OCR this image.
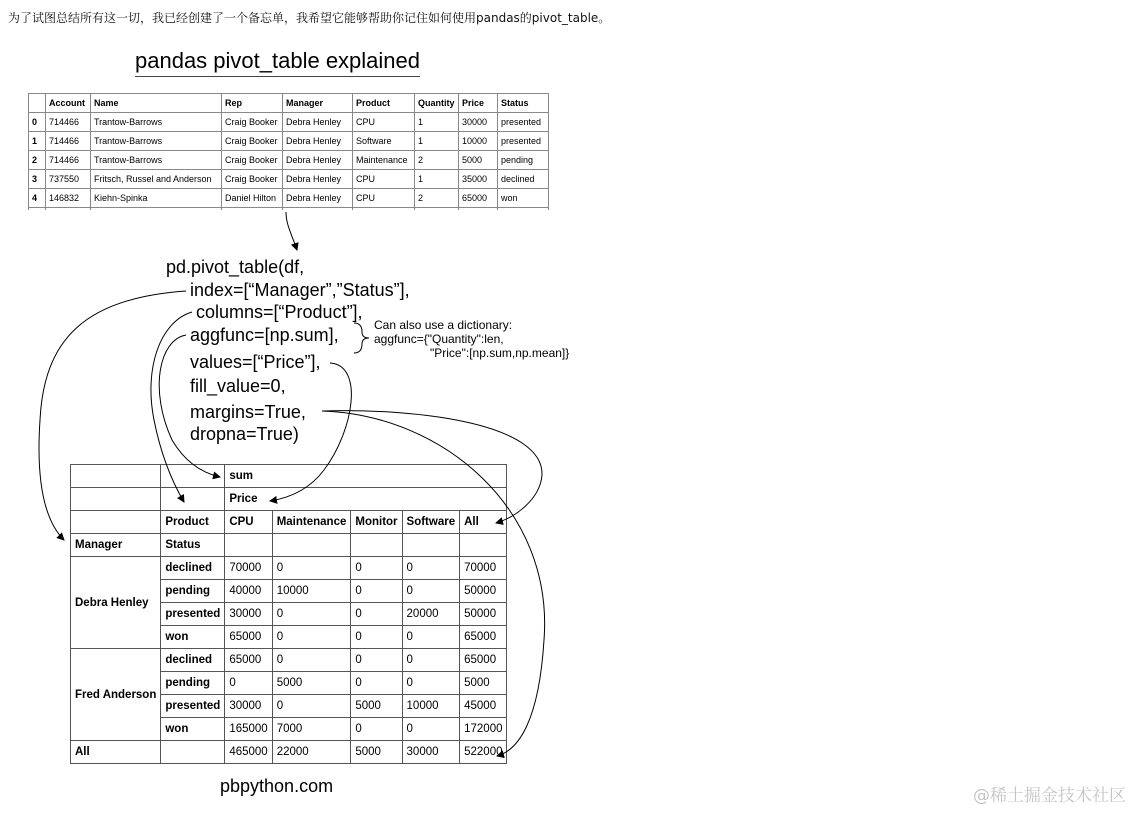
为了试图总结所有这一切，我已经创建了一个备忘单，我希望它能够帮助你记住如何使用pandas的pivot_table。
pandas pivot_table explained
	Account	Name	Rep	Manager	Product	Quantity	Price	Status
0	714466	Trantow-Barrows	Craig Booker	Debra Henley	CPU	1	30000	presented
1	714466	Trantow-Barrows	Craig Booker	Debra Henley	Software	1	10000	presented
2	714466	Trantow-Barrows	Craig Booker	Debra Henley	Maintenance	2	5000	pending
3	737550	Fritsch, Russel and Anderson	Craig Booker	Debra Henley	CPU	1	35000	declined
4	146832	Kiehn-Spinka	Daniel Hilton	Debra Henley	CPU	2	65000	won

pd.pivot_table(df,
index=[“Manager”,”Status”],
columns=[“Product”],
aggfunc=[np.sum],
values=[“Price”],
fill_value=0,
margins=True,
dropna=True)
Can also use a dictionary:
aggfunc={"Quantity":len,
"Price":[np.sum,np.mean]}
		sum				
		Price				
	Product	CPU	Maintenance	Monitor	Software	All
Manager	Status					
Debra Henley	declined	70000	0	0	0	70000
	pending	40000	10000	0	0	50000
	presented	30000	0	0	20000	50000
	won	65000	0	0	0	65000
Fred Anderson	declined	65000	0	0	0	65000
	pending	0	5000	0	0	5000
	presented	30000	0	5000	10000	45000
	won	165000	7000	0	0	172000
All		465000	22000	5000	30000	522000
pbpython.com	@稀土掘金技术社区
